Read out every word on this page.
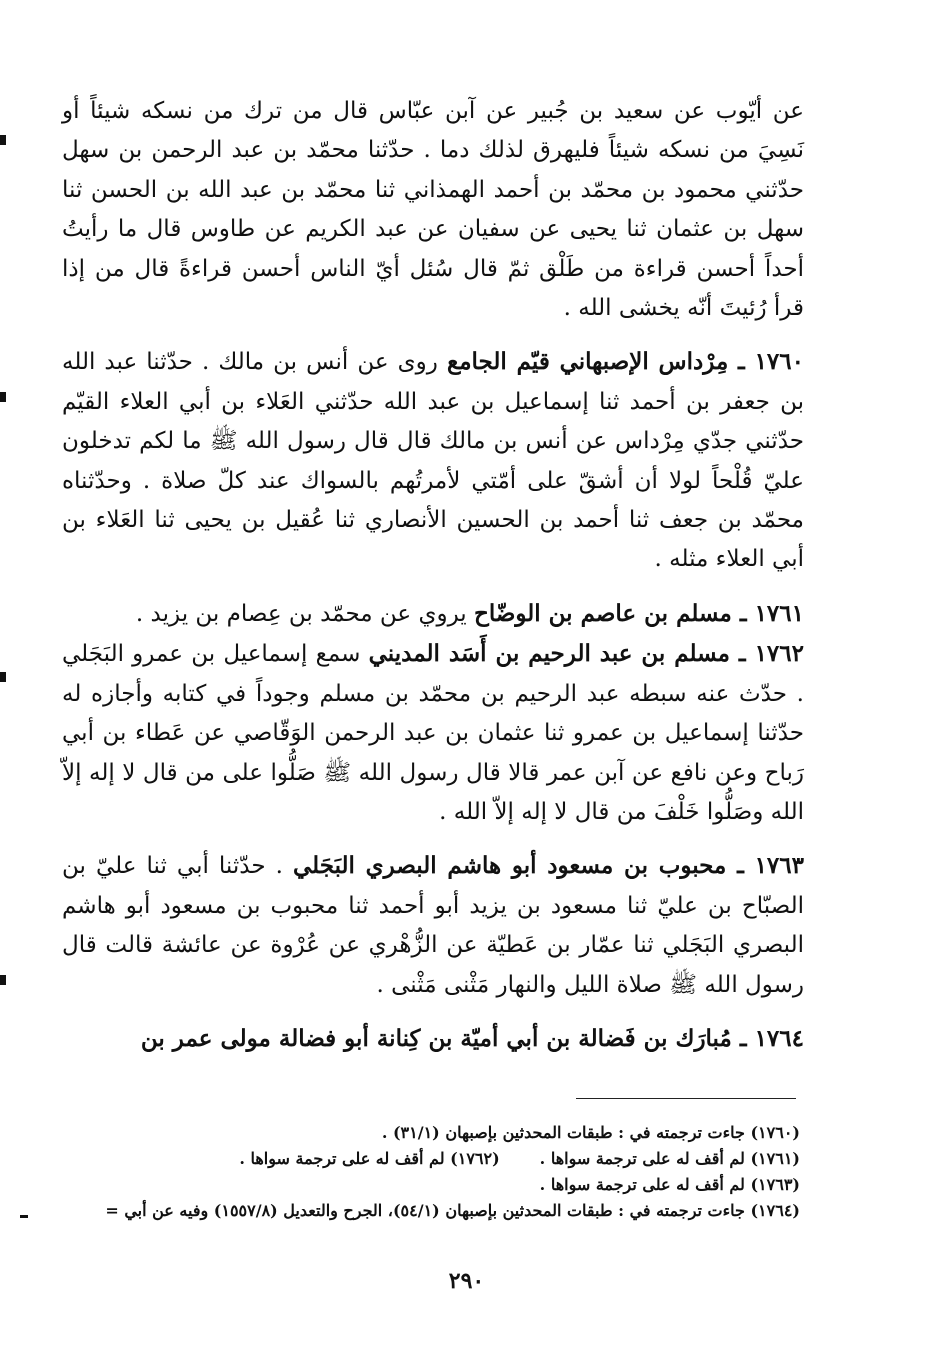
عن أيّوب عن سعيد بن جُبير عن آبن عبّاس قال من ترك من نسكه شيئاً أو نَسِيَ من نسكه شيئاً فليهرق لذلك دما . حدّثنا محمّد بن عبد الرحمن بن سهل حدّثني محمود بن محمّد بن أحمد الهمذاني ثنا محمّد بن عبد الله بن الحسن ثنا سهل بن عثمان ثنا يحيى عن سفيان عن عبد الكريم عن طاوس قال ما رأيتُ أحداً أحسن قراءة من طَلْق ثمّ قال سُئل أيّ الناس أحسن قراءةً قال من إذا قرأ رُئيتَ أنّه يخشى الله .

١٧٦٠ ـ مِرْداس الإصبهاني قيّم الجامع روى عن أنس بن مالك . حدّثنا عبد الله بن جعفر بن أحمد ثنا إسماعيل بن عبد الله حدّثني العَلاء بن أبي العلاء القيّم حدّثني جدّي مِرْداس عن أنس بن مالك قال قال رسول الله ﷺ ما لكم تدخلون عليّ قُلْحاً لولا أن أشقّ على أمّتي لأمرتُهم بالسواك عند كلّ صلاة . وحدّثناه محمّد بن جعف ثنا أحمد بن الحسين الأنصاري ثنا عُقيل بن يحيى ثنا العَلاء بن أبي العلاء مثله .

١٧٦١ ـ مسلم بن عاصم بن الوضّاح يروي عن محمّد بن عِصام بن يزيد .

١٧٦٢ ـ مسلم بن عبد الرحيم بن أَسَد المديني سمع إسماعيل بن عمرو البَجَلي . حدّث عنه سبطه عبد الرحيم بن محمّد بن مسلم وجوداً في كتابه وأجازه له حدّثنا إسماعيل بن عمرو ثنا عثمان بن عبد الرحمن الوَقّاصي عن عَطاء بن أبي رَباح وعن نافع عن آبن عمر قالا قال رسول الله ﷺ صَلُّوا على من قال لا إله إلاّ الله وصَلُّوا خَلْفَ من قال لا إله إلاّ الله .

١٧٦٣ ـ محبوب بن مسعود أبو هاشم البصري البَجَلي . حدّثنا أبي ثنا عليّ بن الصبّاح بن عليّ ثنا مسعود بن يزيد أبو أحمد ثنا محبوب بن مسعود أبو هاشم البصري البَجَلي ثنا عمّار بن عَطيّة عن الزُّهْري عن عُرْوة عن عائشة قالت قال رسول الله ﷺ صلاة الليل والنهار مَثْنى مَثْنى .

١٧٦٤ ـ مُبارَك بن فَضالة بن أبي أميّة بن كِنانة أبو فضالة مولى عمر بن

(١٧٦٠) جاءت ترجمته في : طبقات المحدثين بإصبهان (٣١/١) .
(١٧٦١) لم أقف له على ترجمة سواها .
(١٧٦٢) لم أقف له على ترجمة سواها .
(١٧٦٣) لم أقف له على ترجمة سواها .
(١٧٦٤) جاءت ترجمته في : طبقات المحدثين بإصبهان (٥٤/١)، الجرح والتعديل (١٥٥٧/٨) وفيه عن أبي =
٢٩٠
